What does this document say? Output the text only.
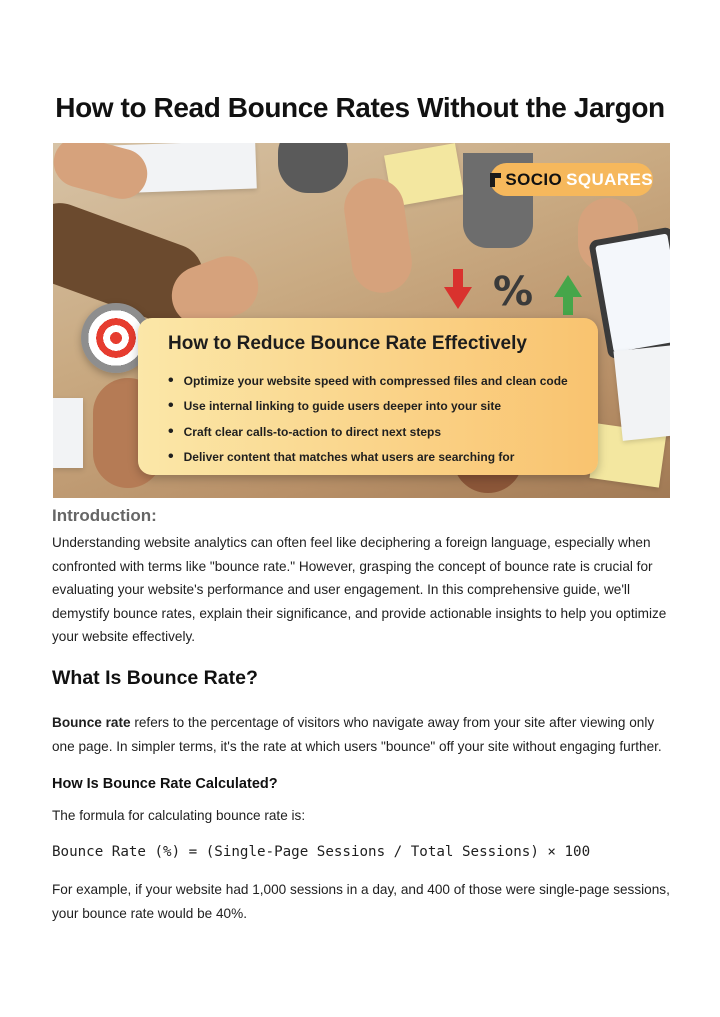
How to Read Bounce Rates Without the Jargon
SOCIO SQUARES
%
How to Reduce Bounce Rate Effectively
• Optimize your website speed with compressed files and clean code
• Use internal linking to guide users deeper into your site
• Craft clear calls-to-action to direct next steps
• Deliver content that matches what users are searching for
Introduction:

Understanding website analytics can often feel like deciphering a foreign language, especially when confronted with terms like "bounce rate." However, grasping the concept of bounce rate is crucial for evaluating your website's performance and user engagement. In this comprehensive guide, we'll demystify bounce rates, explain their significance, and provide actionable insights to help you optimize your website effectively.

What Is Bounce Rate?

Bounce rate refers to the percentage of visitors who navigate away from your site after viewing only one page. In simpler terms, it's the rate at which users "bounce" off your site without engaging further.

How Is Bounce Rate Calculated?

The formula for calculating bounce rate is:

Bounce Rate (%) = (Single-Page Sessions / Total Sessions) × 100

For example, if your website had 1,000 sessions in a day, and 400 of those were single-page sessions, your bounce rate would be 40%.
